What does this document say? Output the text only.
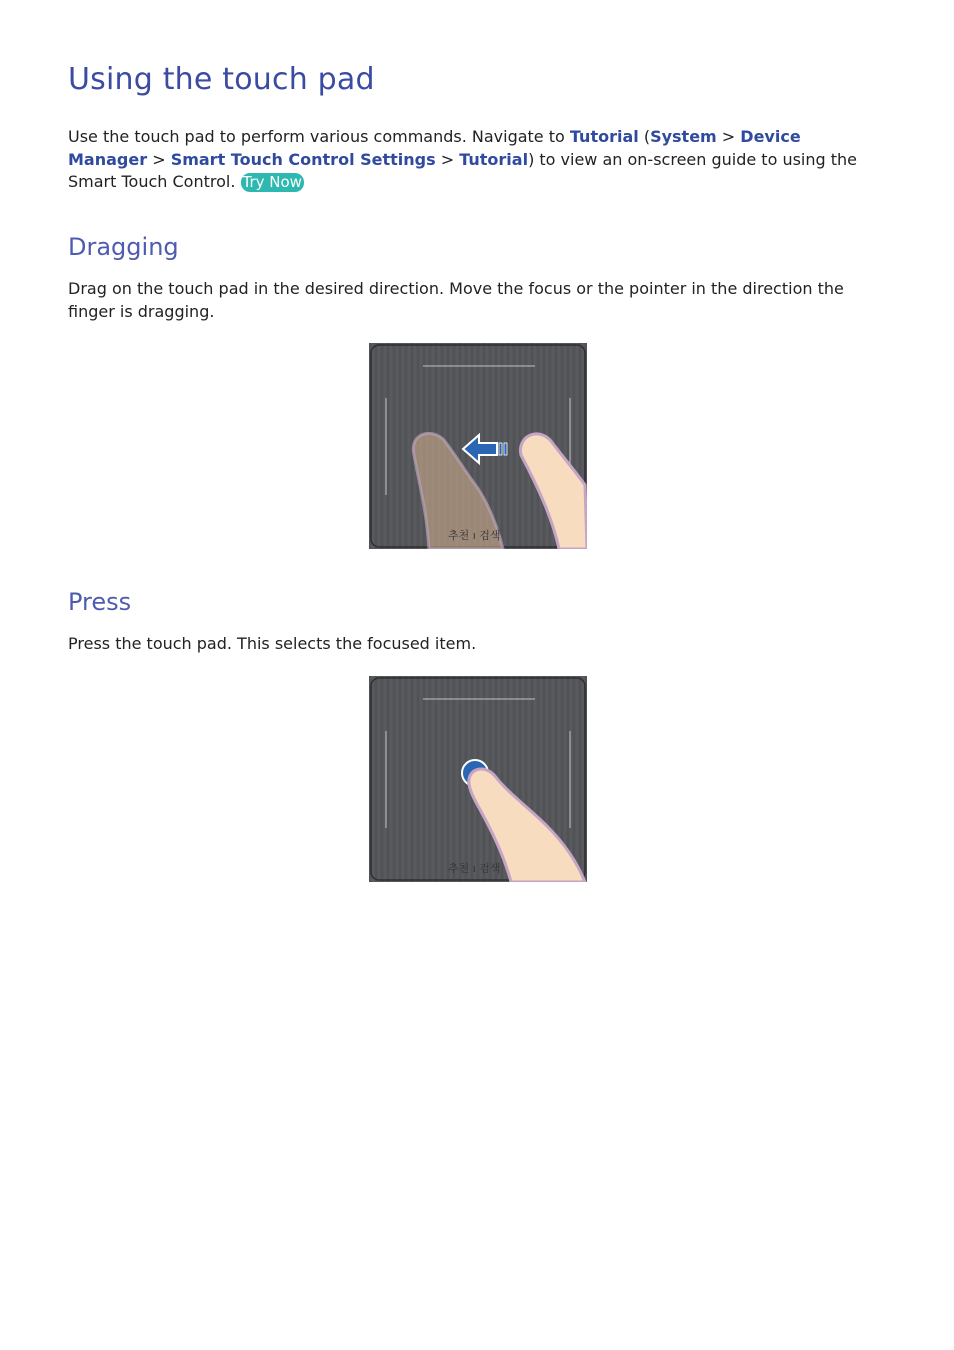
Using the touch pad

Use the touch pad to perform various commands. Navigate to Tutorial (System > Device Manager > Smart Touch Control Settings > Tutorial) to view an on-screen guide to using the Smart Touch Control. Try Now

Dragging

Drag on the touch pad in the desired direction. Move the focus or the pointer in the direction the finger is dragging.

추천 ı 검색
Press

Press the touch pad. This selects the focused item.

추천 ı 검색
